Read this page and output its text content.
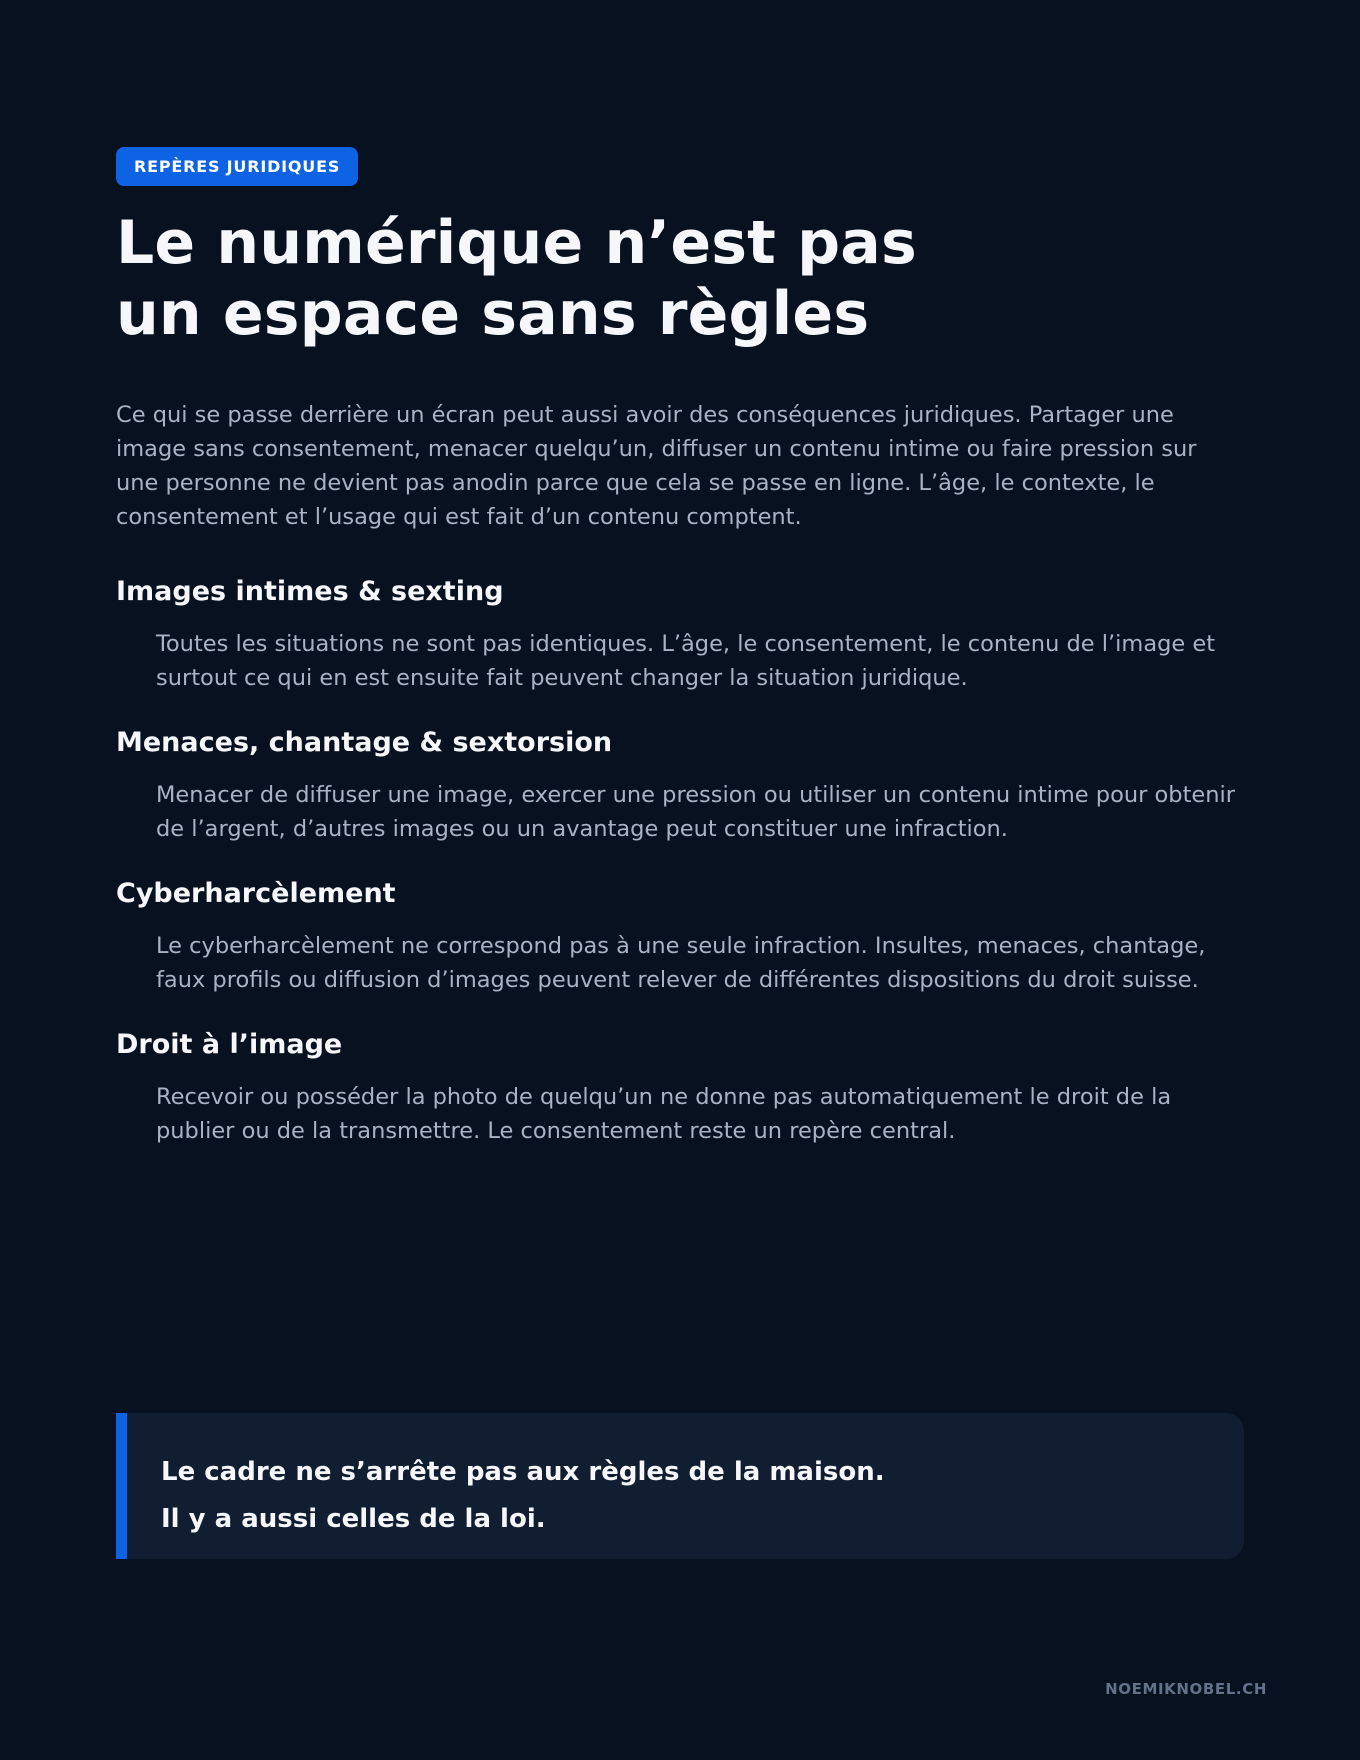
REPÈRES JURIDIQUES
Le numérique n’est pas
un espace sans règles

Ce qui se passe derrière un écran peut aussi avoir des conséquences juridiques. Partager une image sans consentement, menacer quelqu’un, diffuser un contenu intime ou faire pression sur une personne ne devient pas anodin parce que cela se passe en ligne. L’âge, le contexte, le consentement et l’usage qui est fait d’un contenu comptent.

Images intimes & sexting

Toutes les situations ne sont pas identiques. L’âge, le consentement, le contenu de l’image et surtout ce qui en est ensuite fait peuvent changer la situation juridique.

Menaces, chantage & sextorsion

Menacer de diffuser une image, exercer une pression ou utiliser un contenu intime pour obtenir de l’argent, d’autres images ou un avantage peut constituer une infraction.

Cyberharcèlement

Le cyberharcèlement ne correspond pas à une seule infraction. Insultes, menaces, chantage, faux profils ou diffusion d’images peuvent relever de différentes dispositions du droit suisse.

Droit à l’image

Recevoir ou posséder la photo de quelqu’un ne donne pas automatiquement le droit de la publier ou de la transmettre. Le consentement reste un repère central.

Le cadre ne s’arrête pas aux règles de la maison.
Il y a aussi celles de la loi.
NOEMIKNOBEL.CH
